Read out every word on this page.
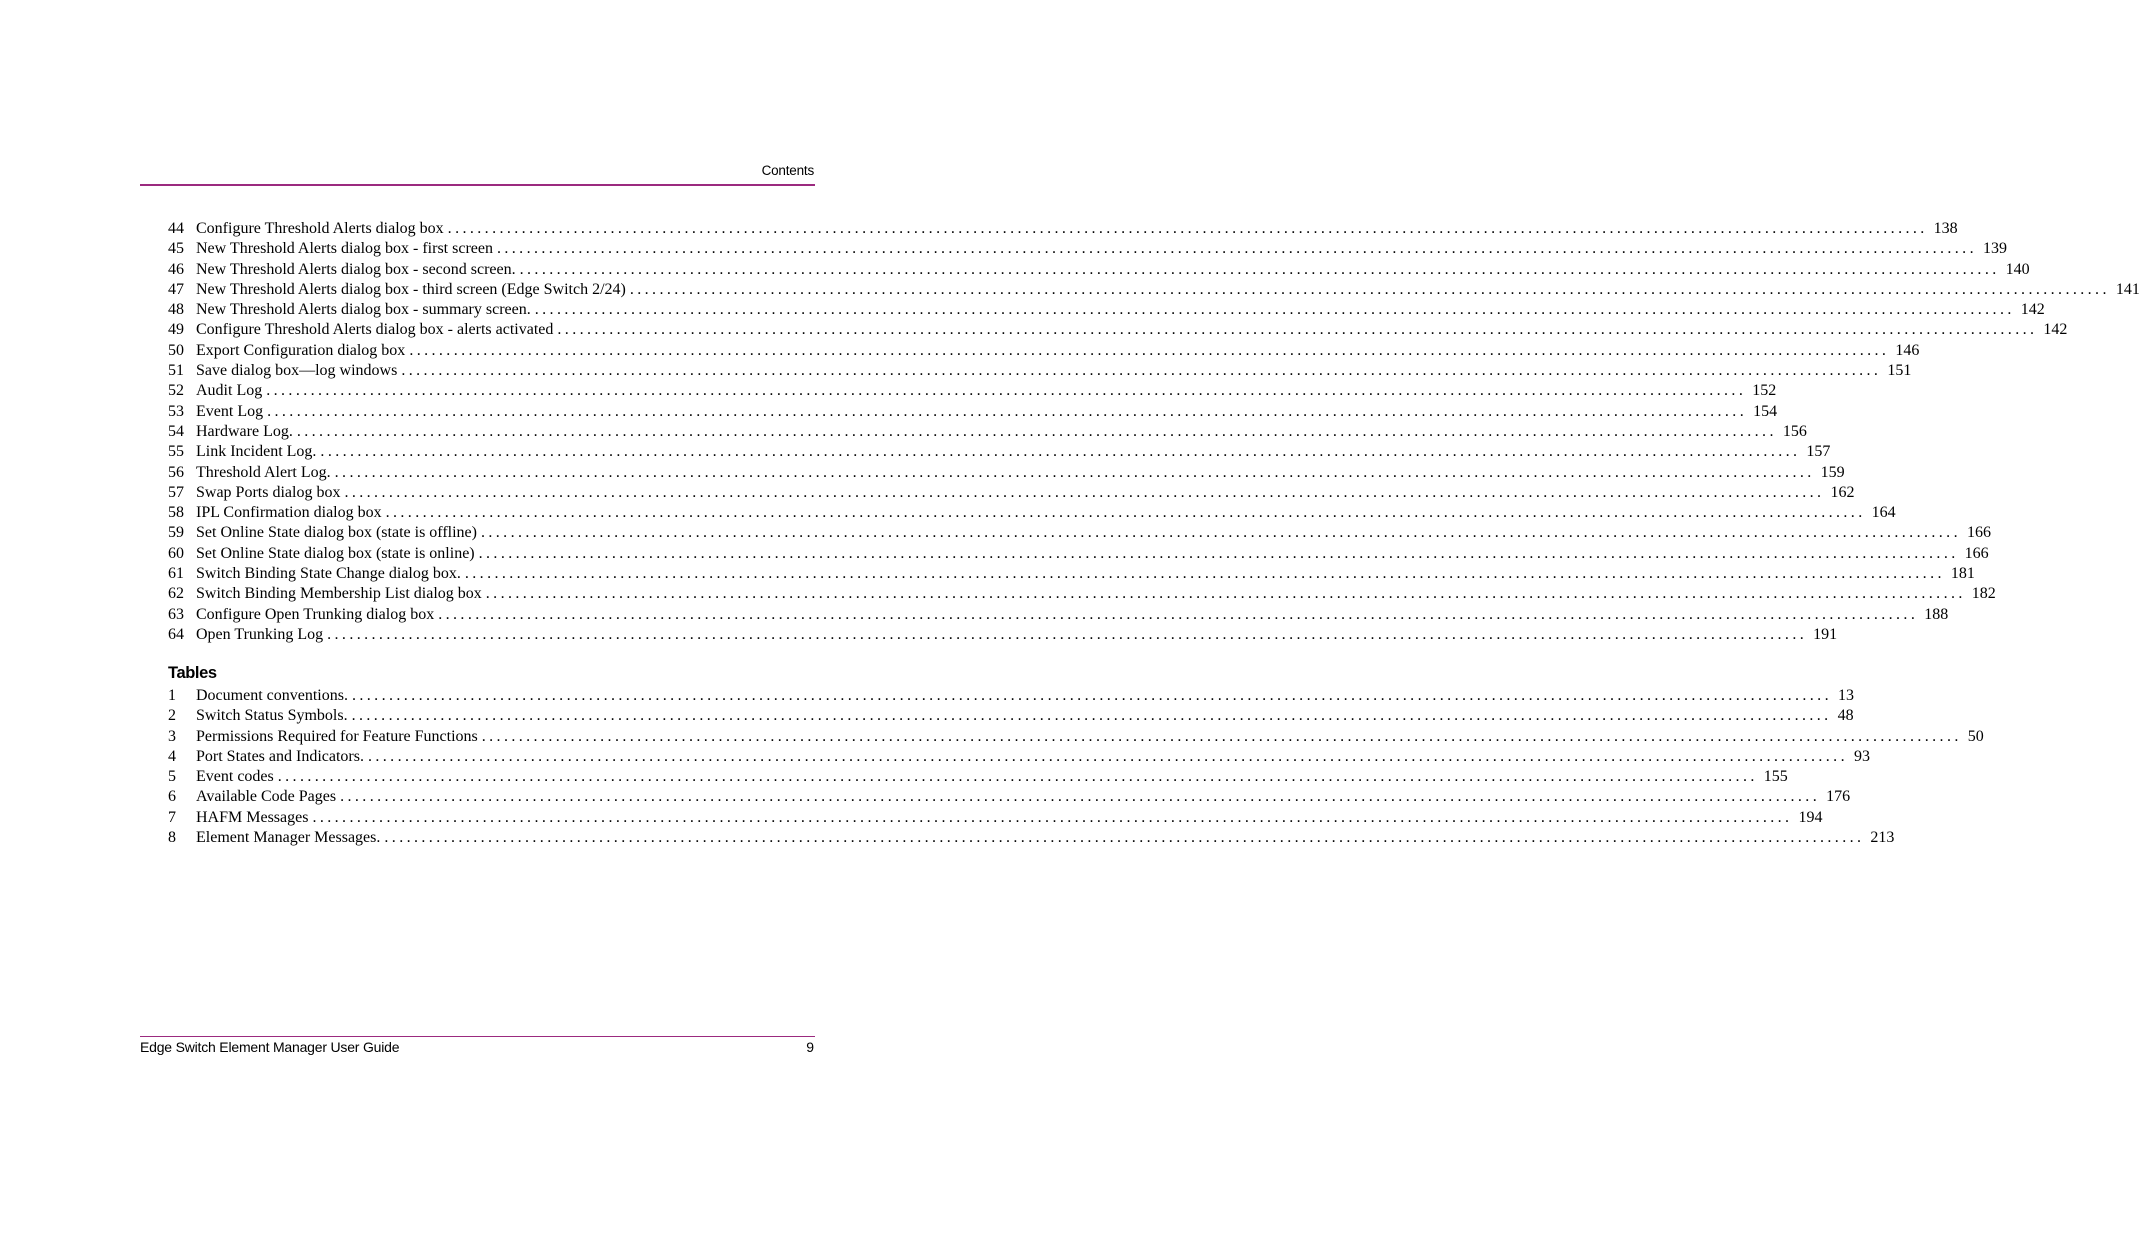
Contents
44 Configure Threshold Alerts dialog box ........................................................................................................................................................................................................ 138
45 New Threshold Alerts dialog box - first screen ........................................................................................................................................................................................................ 139
46 New Threshold Alerts dialog box - second screen. ........................................................................................................................................................................................................ 140
47 New Threshold Alerts dialog box - third screen (Edge Switch 2/24) ........................................................................................................................................................................................................ 141
48 New Threshold Alerts dialog box - summary screen. ........................................................................................................................................................................................................ 142
49 Configure Threshold Alerts dialog box - alerts activated ........................................................................................................................................................................................................ 142
50 Export Configuration dialog box ........................................................................................................................................................................................................ 146
51 Save dialog box—log windows ........................................................................................................................................................................................................ 151
52 Audit Log ........................................................................................................................................................................................................ 152
53 Event Log ........................................................................................................................................................................................................ 154
54 Hardware Log. ........................................................................................................................................................................................................ 156
55 Link Incident Log. ........................................................................................................................................................................................................ 157
56 Threshold Alert Log. ........................................................................................................................................................................................................ 159
57 Swap Ports dialog box ........................................................................................................................................................................................................ 162
58 IPL Confirmation dialog box ........................................................................................................................................................................................................ 164
59 Set Online State dialog box (state is offline) ........................................................................................................................................................................................................ 166
60 Set Online State dialog box (state is online) ........................................................................................................................................................................................................ 166
61 Switch Binding State Change dialog box. ........................................................................................................................................................................................................ 181
62 Switch Binding Membership List dialog box ........................................................................................................................................................................................................ 182
63 Configure Open Trunking dialog box ........................................................................................................................................................................................................ 188
64 Open Trunking Log ........................................................................................................................................................................................................ 191
Tables
1	Document conventions. ........................................................................................................................................................................................................ 13
2	Switch Status Symbols. ........................................................................................................................................................................................................ 48
3	Permissions Required for Feature Functions ........................................................................................................................................................................................................ 50
4	Port States and Indicators. ........................................................................................................................................................................................................ 93
5	Event codes ........................................................................................................................................................................................................ 155
6	Available Code Pages ........................................................................................................................................................................................................ 176
7	HAFM Messages ........................................................................................................................................................................................................ 194
8	Element Manager Messages. ........................................................................................................................................................................................................ 213
Edge Switch Element Manager User Guide	9
